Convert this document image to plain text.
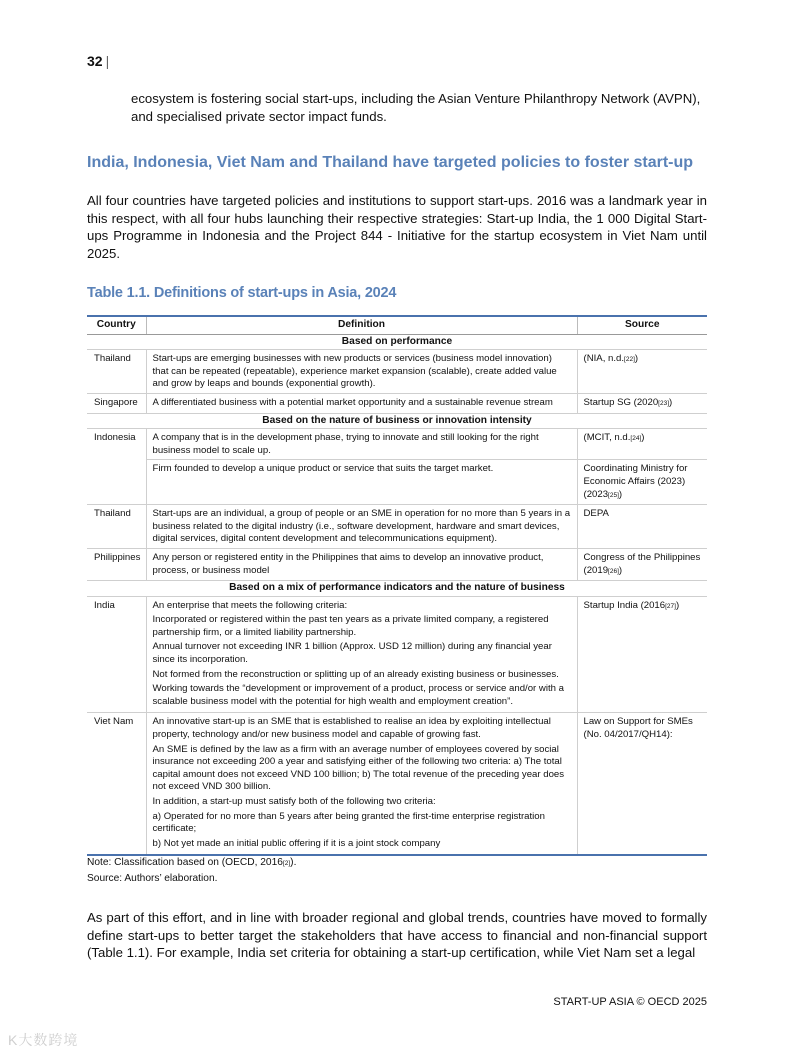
32 |

ecosystem is fostering social start-ups, including the Asian Venture Philanthropy Network (AVPN), and specialised private sector impact funds.

India, Indonesia, Viet Nam and Thailand have targeted policies to foster start-up

All four countries have targeted policies and institutions to support start-ups. 2016 was a landmark year in this respect, with all four hubs launching their respective strategies: Start-up India, the 1 000 Digital Start-ups Programme in Indonesia and the Project 844 - Initiative for the startup ecosystem in Viet Nam until 2025.

Table 1.1. Definitions of start-ups in Asia, 2024
Country	Definition	Source
Based on performance		
Thailand	Start-ups are emerging businesses with new products or services (business model innovation) that can be repeated (repeatable), experience market expansion (scalable), create added value and grow by leaps and bounds (exponential growth).	(NIA, n.d.[22])
Singapore	A differentiated business with a potential market opportunity and a sustainable revenue stream	Startup SG (2020[23])
Based on the nature of business or innovation intensity		
Indonesia	A company that is in the development phase, trying to innovate and still looking for the right business model to scale up.	(MCIT, n.d.[24])
	Firm founded to develop a unique product or service that suits the target market.	Coordinating Ministry for Economic Affairs (2023) (2023[25])
Thailand	Start-ups are an individual, a group of people or an SME in operation for no more than 5 years in a business related to the digital industry (i.e., software development, hardware and smart devices, digital services, digital content development and telecommunications equipment).	DEPA
Philippines	Any person or registered entity in the Philippines that aims to develop an innovative product, process, or business model	Congress of the Philippines (2019[26])
Based on a mix of performance indicators and the nature of business		
India	An enterprise that meets the following criteria:
Incorporated or registered within the past ten years as a private limited company, a registered partnership firm, or a limited liability partnership.
Annual turnover not exceeding INR 1 billion (Approx. USD 12 million) during any financial year since its incorporation.
Not formed from the reconstruction or splitting up of an already existing business or businesses.
Working towards the “development or improvement of a product, process or service and/or with a scalable business model with the potential for high wealth and employment creation”.	Startup India (2016[27])
Viet Nam	An innovative start-up is an SME that is established to realise an idea by exploiting intellectual property, technology and/or new business model and capable of growing fast.
An SME is defined by the law as a firm with an average number of employees covered by social insurance not exceeding 200 a year and satisfying either of the following two criteria: a) The total capital amount does not exceed VND 100 billion; b) The total revenue of the preceding year does not exceed VND 300 billion.
In addition, a start-up must satisfy both of the following two criteria:
a) Operated for no more than 5 years after being granted the first-time enterprise registration certificate;
b) Not yet made an initial public offering if it is a joint stock company	Law on Support for SMEs (No. 04/2017/QH14):
Note: Classification based on (OECD, 2016[2]).
Source: Authors’ elaboration.

As part of this effort, and in line with broader regional and global trends, countries have moved to formally define start-ups to better target the stakeholders that have access to financial and non-financial support (Table 1.1). For example, India set criteria for obtaining a start-up certification, while Viet Nam set a legal

START-UP ASIA © OECD 2025
K大数跨境
